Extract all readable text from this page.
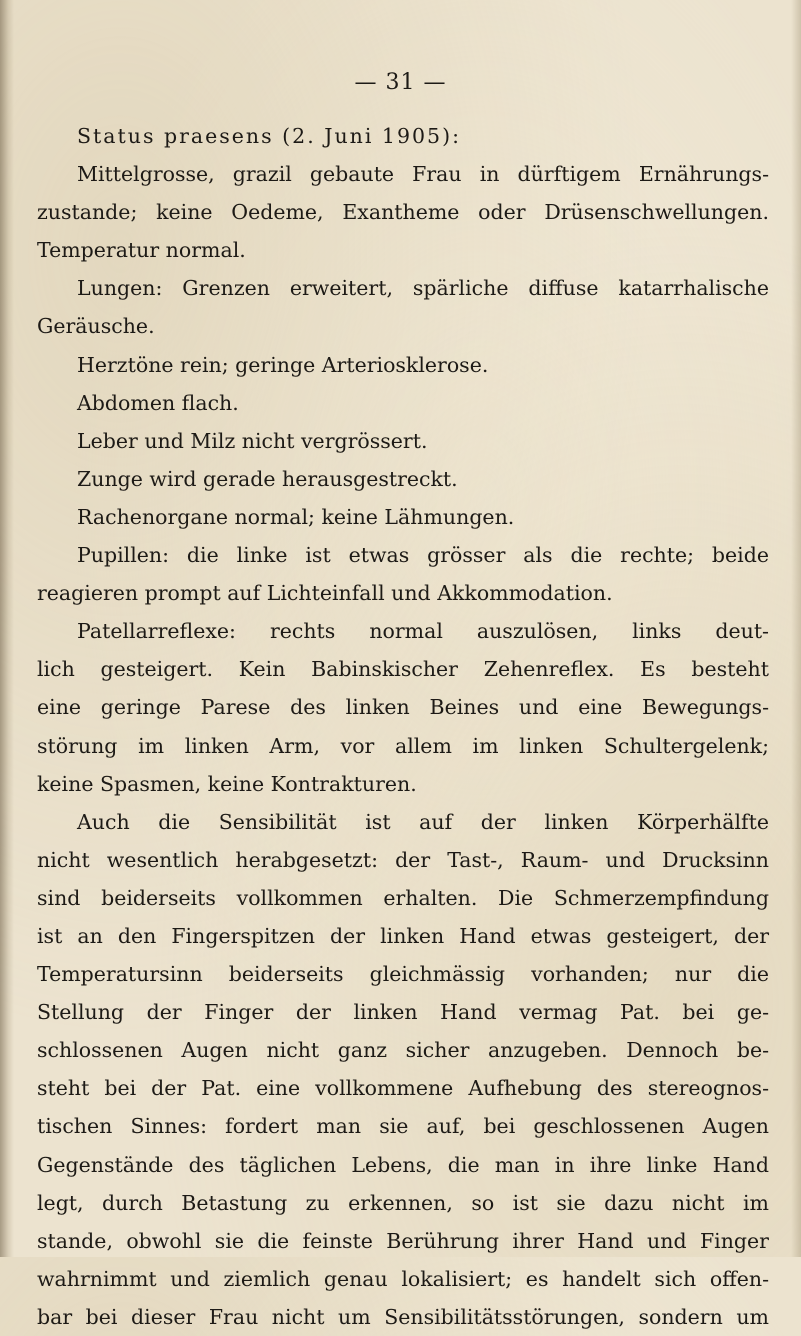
— 31 —
Status praesens (2. Juni 1905):
Mittelgrosse, grazil gebaute Frau in dürftigem Ernährungs-
zustande; keine Oedeme, Exantheme oder Drüsenschwellungen.
Temperatur normal.
Lungen: Grenzen erweitert, spärliche diffuse katarrhalische
Geräusche.
Herztöne rein; geringe Arteriosklerose.
Abdomen flach.
Leber und Milz nicht vergrössert.
Zunge wird gerade herausgestreckt.
Rachenorgane normal; keine Lähmungen.
Pupillen: die linke ist etwas grösser als die rechte; beide
reagieren prompt auf Lichteinfall und Akkommodation.
Patellarreflexe: rechts normal auszulösen, links deut-
lich gesteigert. Kein Babinskischer Zehenreflex. Es besteht
eine geringe Parese des linken Beines und eine Bewegungs-
störung im linken Arm, vor allem im linken Schultergelenk;
keine Spasmen, keine Kontrakturen.
Auch die Sensibilität ist auf der linken Körperhälfte
nicht wesentlich herabgesetzt: der Tast-, Raum- und Drucksinn
sind beiderseits vollkommen erhalten. Die Schmerzempfindung
ist an den Fingerspitzen der linken Hand etwas gesteigert, der
Temperatursinn beiderseits gleichmässig vorhanden; nur die
Stellung der Finger der linken Hand vermag Pat. bei ge-
schlossenen Augen nicht ganz sicher anzugeben. Dennoch be-
steht bei der Pat. eine vollkommene Aufhebung des stereognos-
tischen Sinnes: fordert man sie auf, bei geschlossenen Augen
Gegenstände des täglichen Lebens, die man in ihre linke Hand
legt, durch Betastung zu erkennen, so ist sie dazu nicht im
stande, obwohl sie die feinste Berührung ihrer Hand und Finger
wahrnimmt und ziemlich genau lokalisiert; es handelt sich offen-
bar bei dieser Frau nicht um Sensibilitätsstörungen, sondern um
